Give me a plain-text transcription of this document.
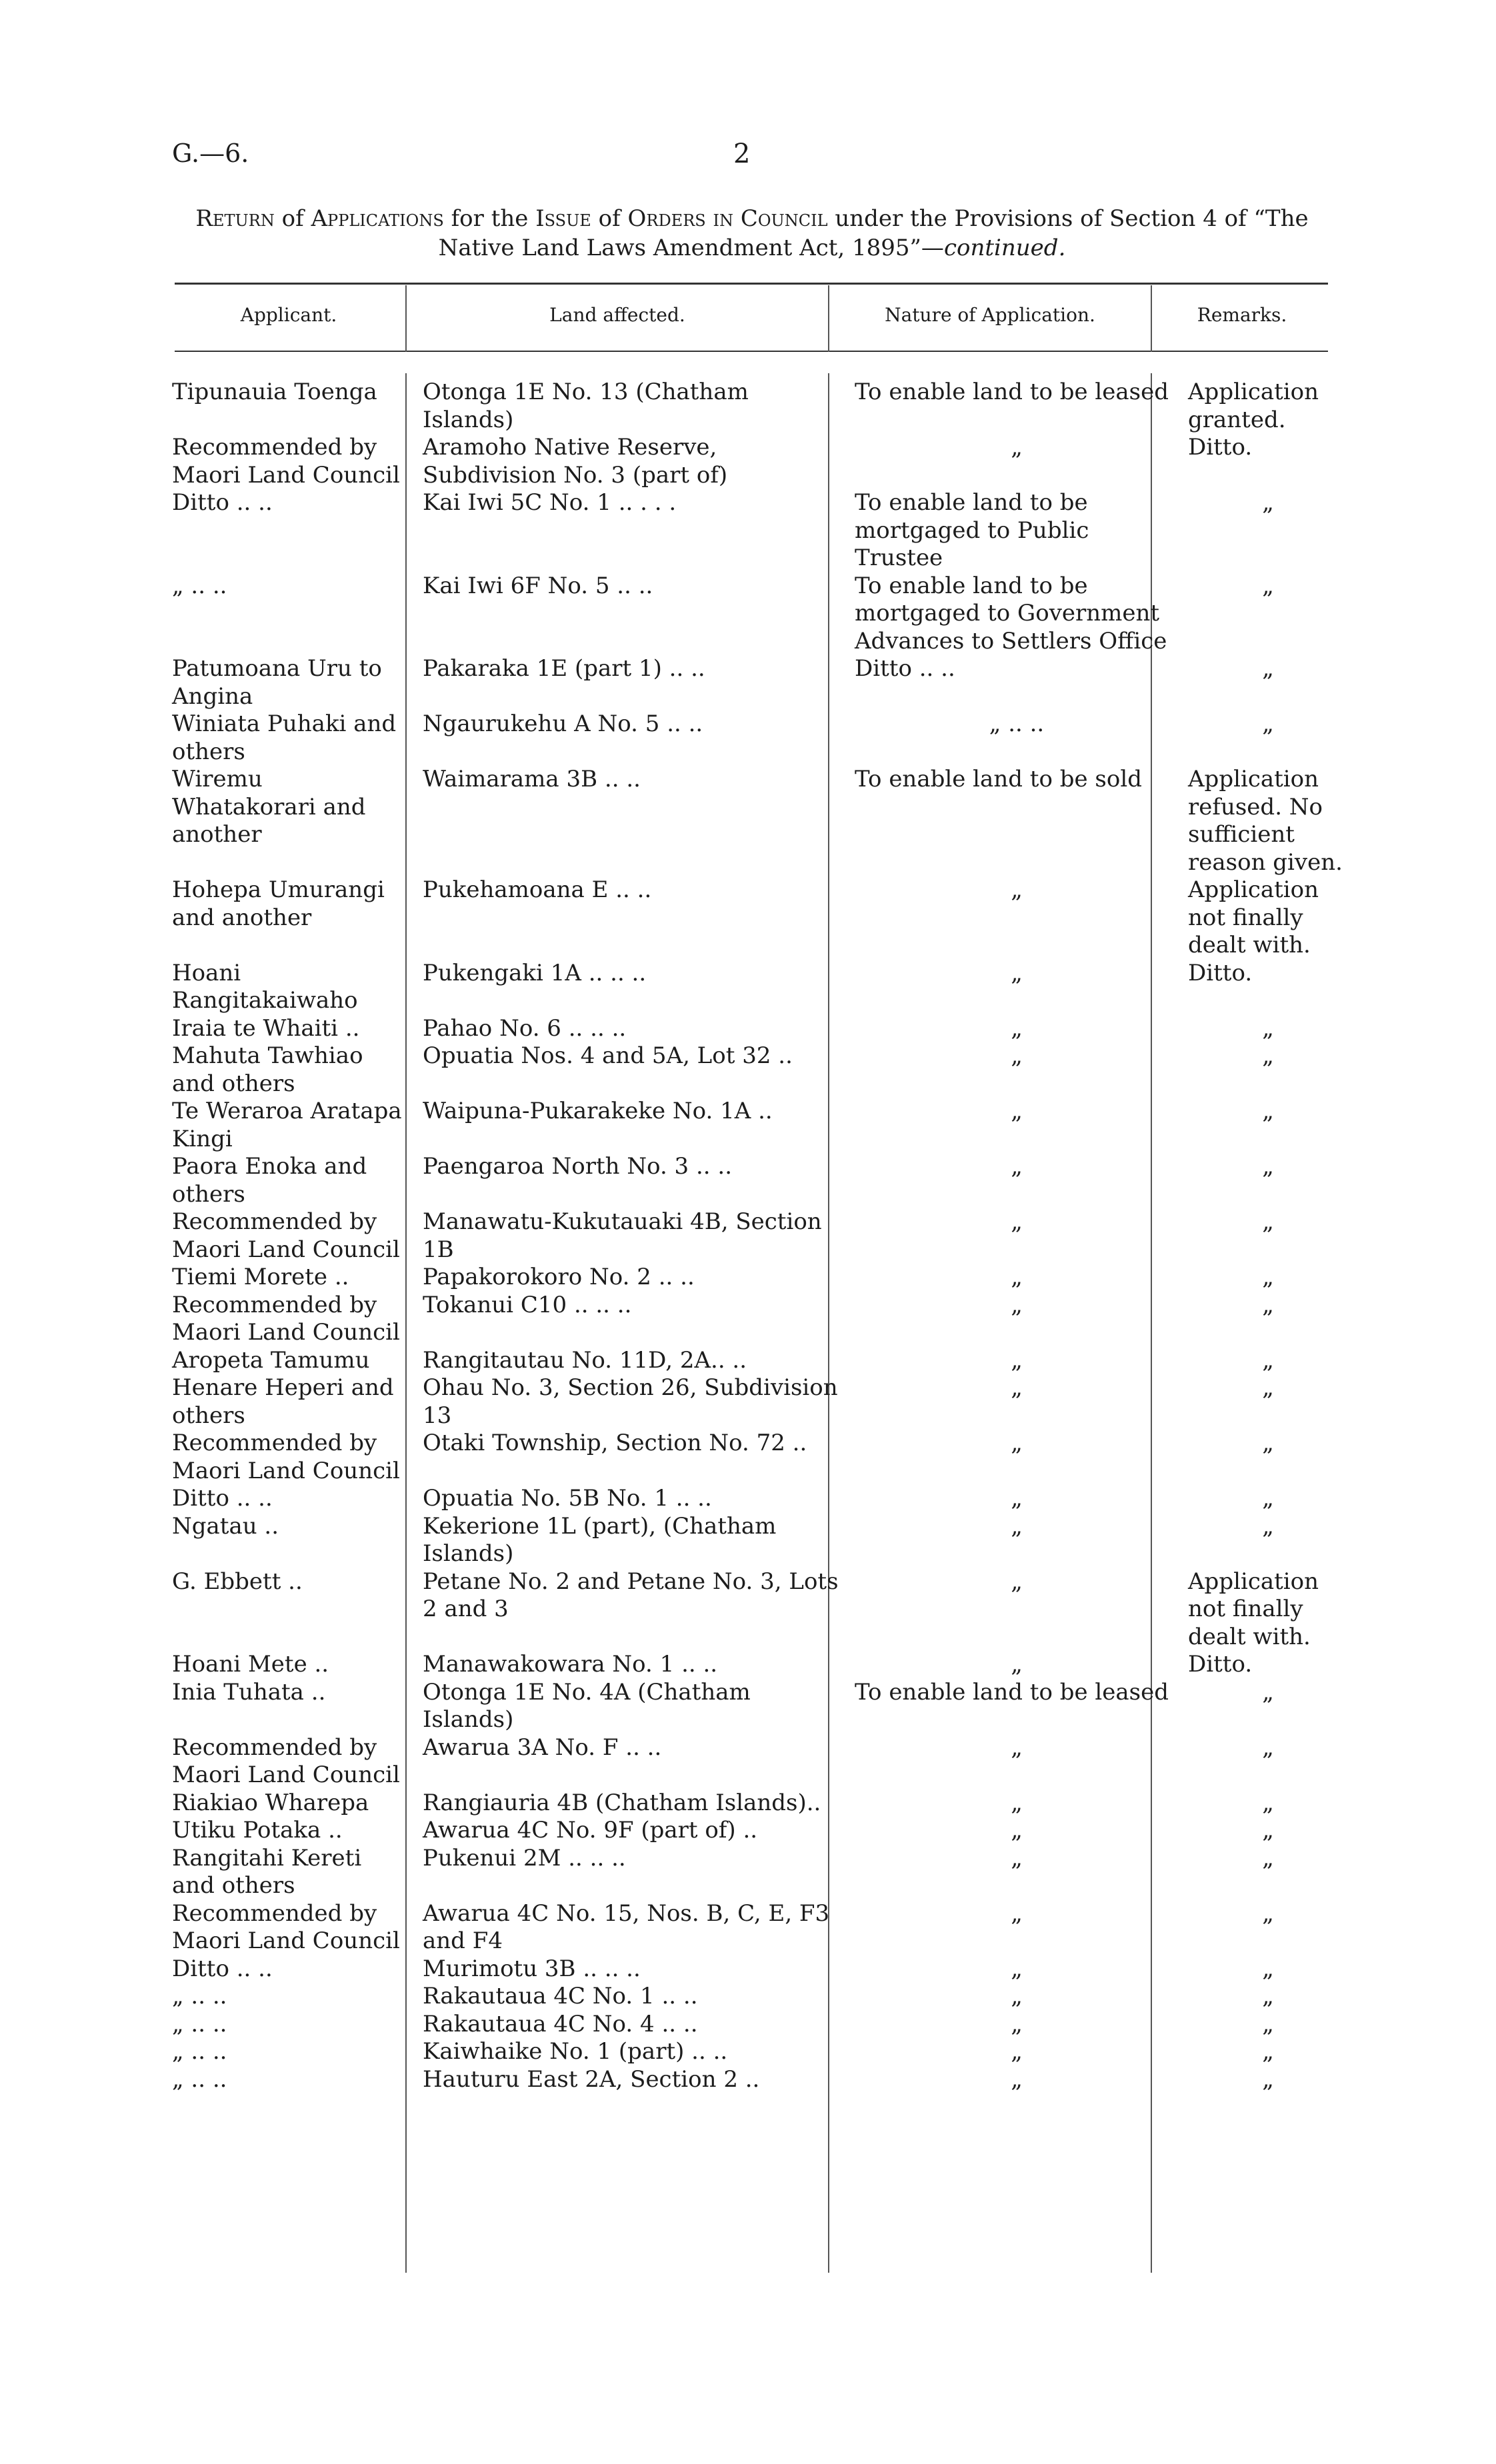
G.—6.	2
Return of Applications for the Issue of Orders in Council under the Provisions of Section 4 of “The Native Land Laws Amendment Act, 1895”—continued.
Applicant.	Land affected.	Nature of Application.	Remarks.
Tipunauia Toenga	Otonga 1E No. 13 (Chatham Islands)	To enable land to be leased	Application granted.
Recommended by Maori Land Council	Aramoho Native Reserve, Subdivision No. 3 (part of)	„	Ditto.
Ditto .. ..	Kai Iwi 5C No. 1 .. . . .	To enable land to be mortgaged to Public Trustee	„
„ .. ..	Kai Iwi 6F No. 5 .. ..	To enable land to be mortgaged to Government Advances to Settlers Office	„
Patumoana Uru to Angina	Pakaraka 1E (part 1) .. ..	Ditto .. ..	„
Winiata Puhaki and others	Ngaurukehu A No. 5 .. ..	„ .. ..	„
Wiremu Whatakorari and another	Waimarama 3B .. ..	To enable land to be sold	Application refused. No sufficient reason given.
Hohepa Umurangi and another	Pukehamoana E .. ..	„	Application not finally dealt with.
Hoani Rangitakaiwaho	Pukengaki 1A .. .. ..	„	Ditto.
Iraia te Whaiti ..	Pahao No. 6 .. .. ..	„	„
Mahuta Tawhiao and others	Opuatia Nos. 4 and 5A, Lot 32 ..	„	„
Te Weraroa Aratapa Kingi	Waipuna-Pukarakeke No. 1A ..	„	„
Paora Enoka and others	Paengaroa North No. 3 .. ..	„	„
Recommended by Maori Land Council	Manawatu-Kukutauaki 4B, Section 1B	„	„
Tiemi Morete ..	Papakorokoro No. 2 .. ..	„	„
Recommended by Maori Land Council	Tokanui C10 .. .. ..	„	„
Aropeta Tamumu	Rangitautau No. 11D, 2A.. ..	„	„
Henare Heperi and others	Ohau No. 3, Section 26, Subdivision 13	„	„
Recommended by Maori Land Council	Otaki Township, Section No. 72 ..	„	„
Ditto .. ..	Opuatia No. 5B No. 1 .. ..	„	„
Ngatau ..	Kekerione 1L (part), (Chatham Islands)	„	„
G. Ebbett ..	Petane No. 2 and Petane No. 3, Lots 2 and 3	„	Application not finally dealt with.
Hoani Mete ..	Manawakowara No. 1 .. ..	„	Ditto.
Inia Tuhata ..	Otonga 1E No. 4A (Chatham Islands)	To enable land to be leased	„
Recommended by Maori Land Council	Awarua 3A No. F .. ..	„	„
Riakiao Wharepa	Rangiauria 4B (Chatham Islands)..	„	„
Utiku Potaka ..	Awarua 4C No. 9F (part of) ..	„	„
Rangitahi Kereti and others	Pukenui 2M .. .. ..	„	„
Recommended by Maori Land Council	Awarua 4C No. 15, Nos. B, C, E, F3 and F4	„	„
Ditto .. ..	Murimotu 3B .. .. ..	„	„
„ .. ..	Rakautaua 4C No. 1 .. ..	„	„
„ .. ..	Rakautaua 4C No. 4 .. ..	„	„
„ .. ..	Kaiwhaike No. 1 (part) .. ..	„	„
„ .. ..	Hauturu East 2A, Section 2 ..	„	„
